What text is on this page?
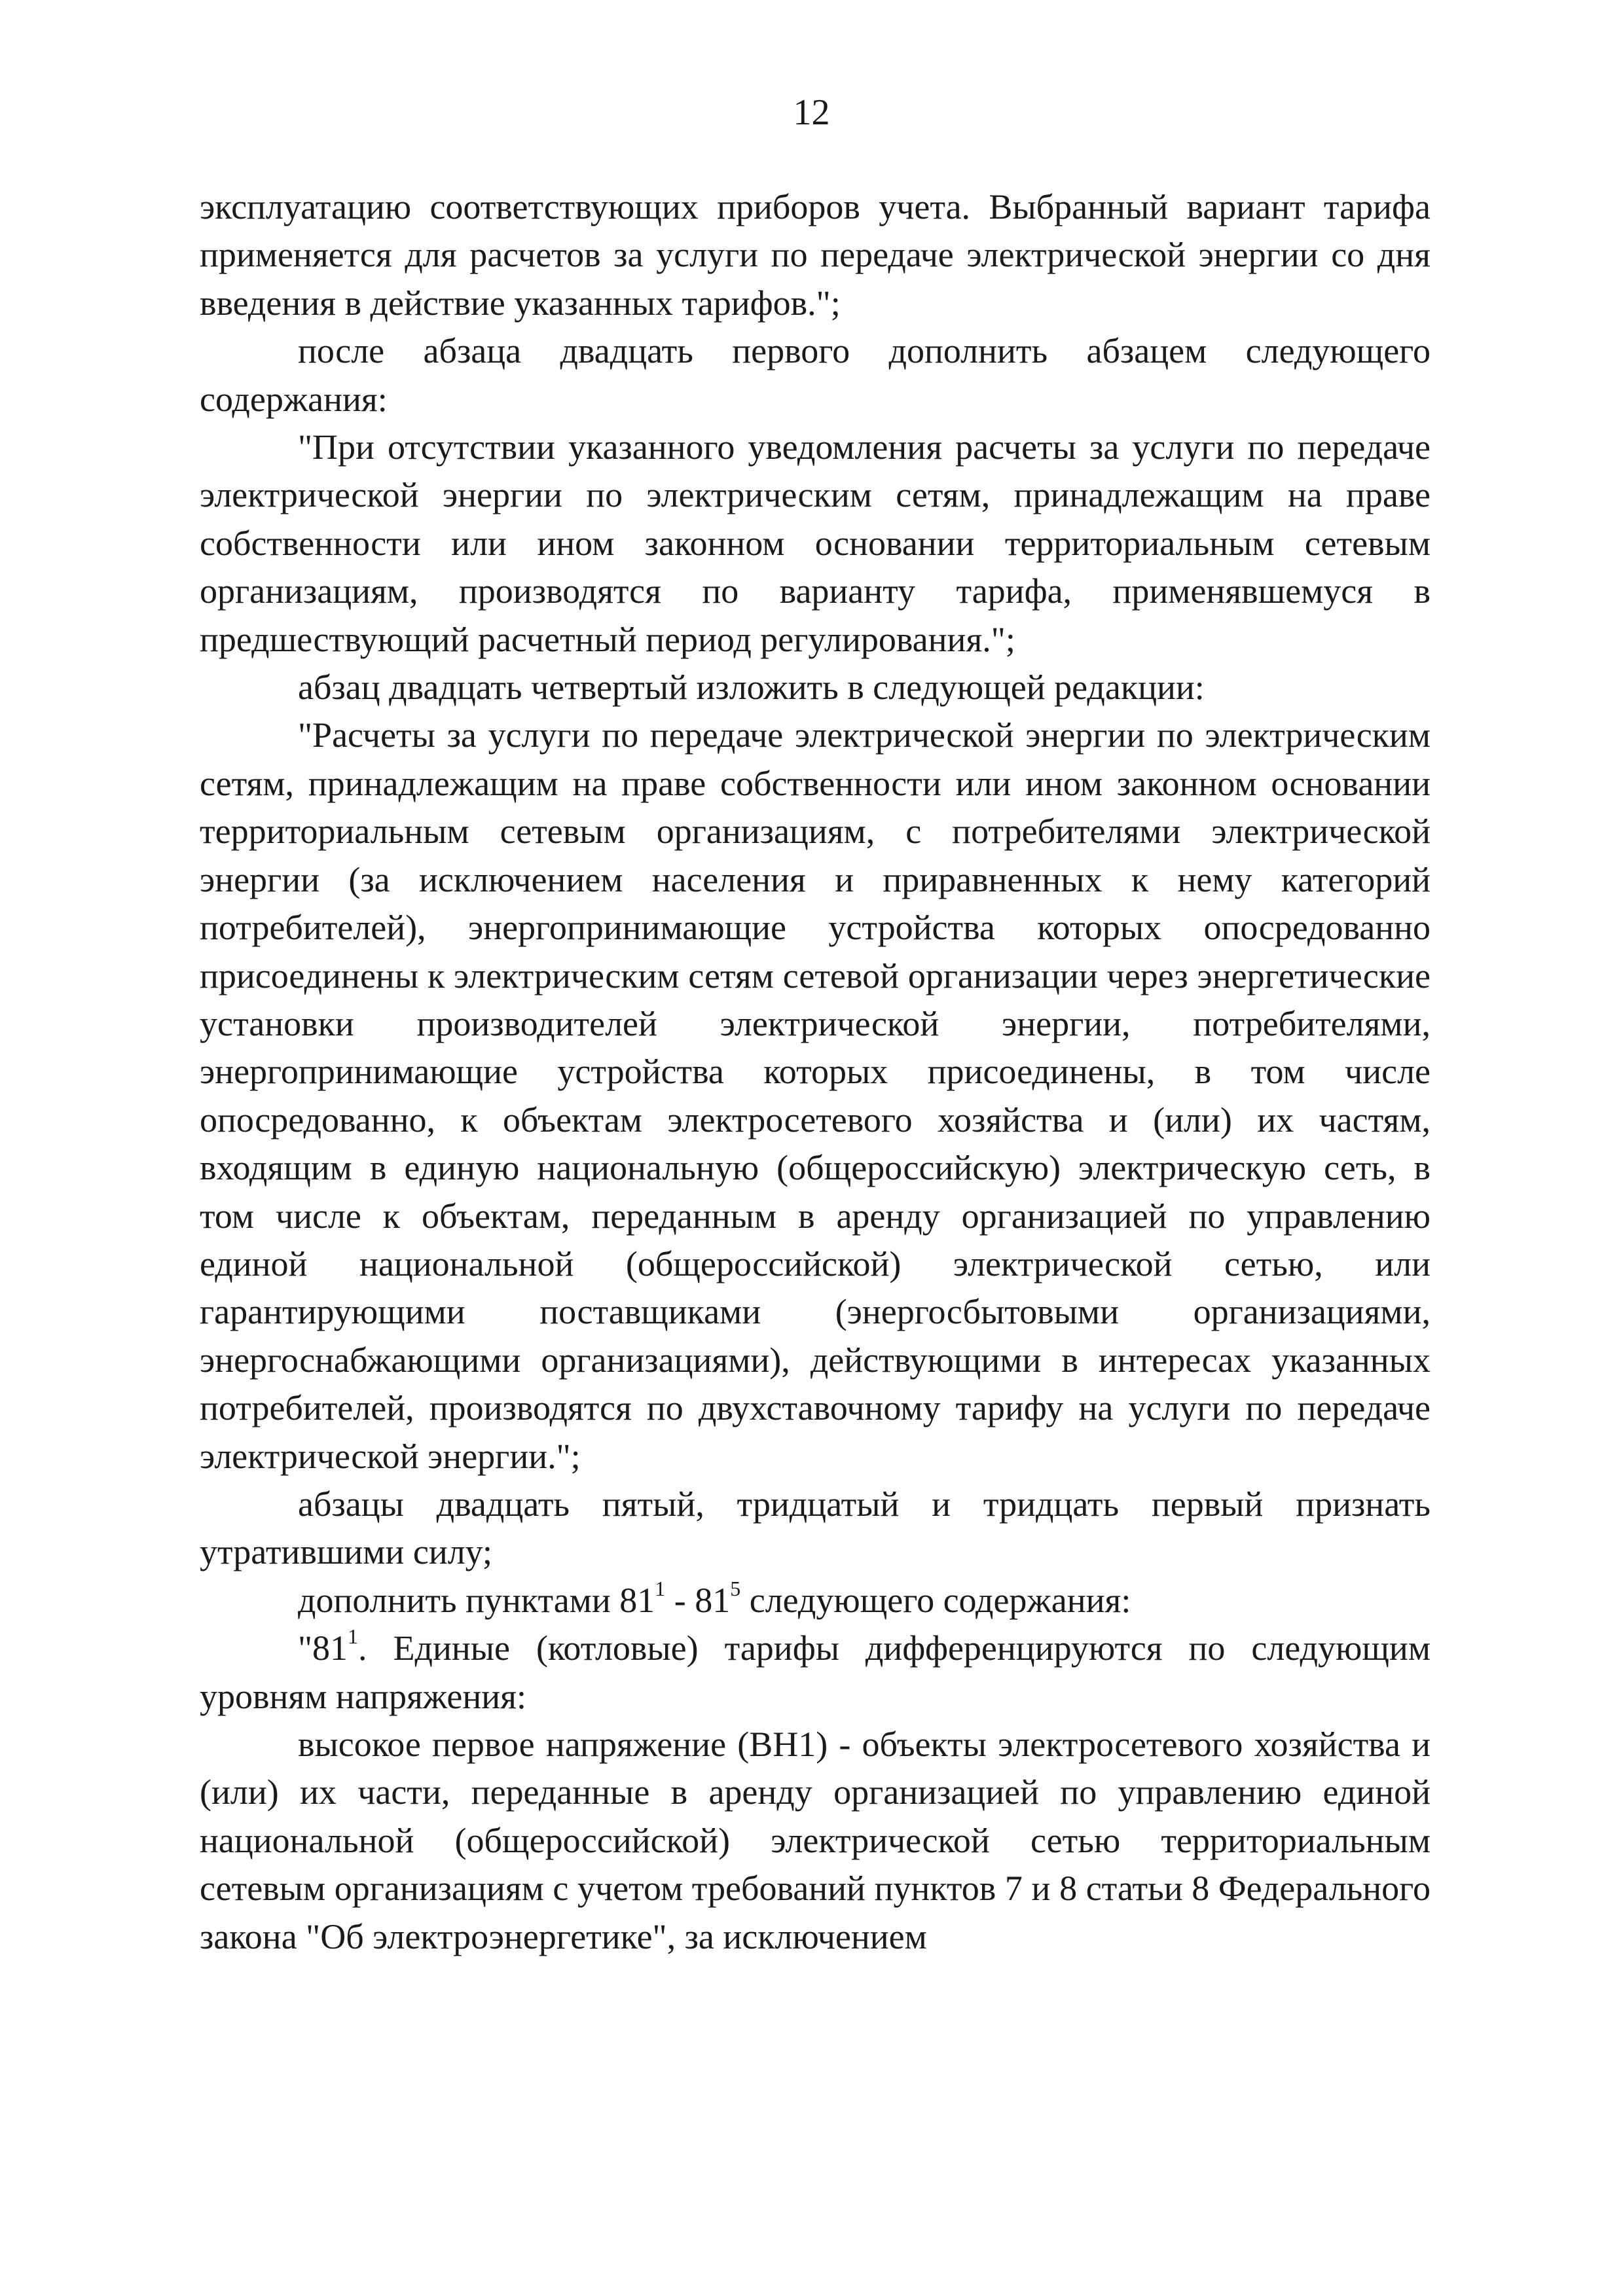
12

эксплуатацию соответствующих приборов учета. Выбранный вариант тарифа применяется для расчетов за услуги по передаче электрической энергии со дня введения в действие указанных тарифов.";

после абзаца двадцать первого дополнить абзацем следующего содержания:

"При отсутствии указанного уведомления расчеты за услуги по передаче электрической энергии по электрическим сетям, принадлежащим на праве собственности или ином законном основании территориальным сетевым организациям, производятся по варианту тарифа, применявшемуся в предшествующий расчетный период регулирования.";

абзац двадцать четвертый изложить в следующей редакции:

"Расчеты за услуги по передаче электрической энергии по электрическим сетям, принадлежащим на праве собственности или ином законном основании территориальным сетевым организациям, с потребителями электрической энергии (за исключением населения и приравненных к нему категорий потребителей), энергопринимающие устройства которых опосредованно присоединены к электрическим сетям сетевой организации через энергетические установки производителей электрической энергии, потребителями, энергопринимающие устройства которых присоединены, в том числе опосредованно, к объектам электросетевого хозяйства и (или) их частям, входящим в единую национальную (общероссийскую) электрическую сеть, в том числе к объектам, переданным в аренду организацией по управлению единой национальной (общероссийской) электрической сетью, или гарантирующими поставщиками (энергосбытовыми организациями, энергоснабжающими организациями), действующими в интересах указанных потребителей, производятся по двухставочному тарифу на услуги по передаче электрической энергии.";

абзацы двадцать пятый, тридцатый и тридцать первый признать утратившими силу;

дополнить пунктами $81^1 - 81^5$ следующего содержания:

"$81^1$. Единые (котловые) тарифы дифференцируются по следующим уровням напряжения:

высокое первое напряжение (ВН1) - объекты электросетевого хозяйства и (или) их части, переданные в аренду организацией по управлению единой национальной (общероссийской) электрической сетью территориальным сетевым организациям с учетом требований пунктов 7 и 8 статьи 8 Федерального закона "Об электроэнергетике", за исключением
